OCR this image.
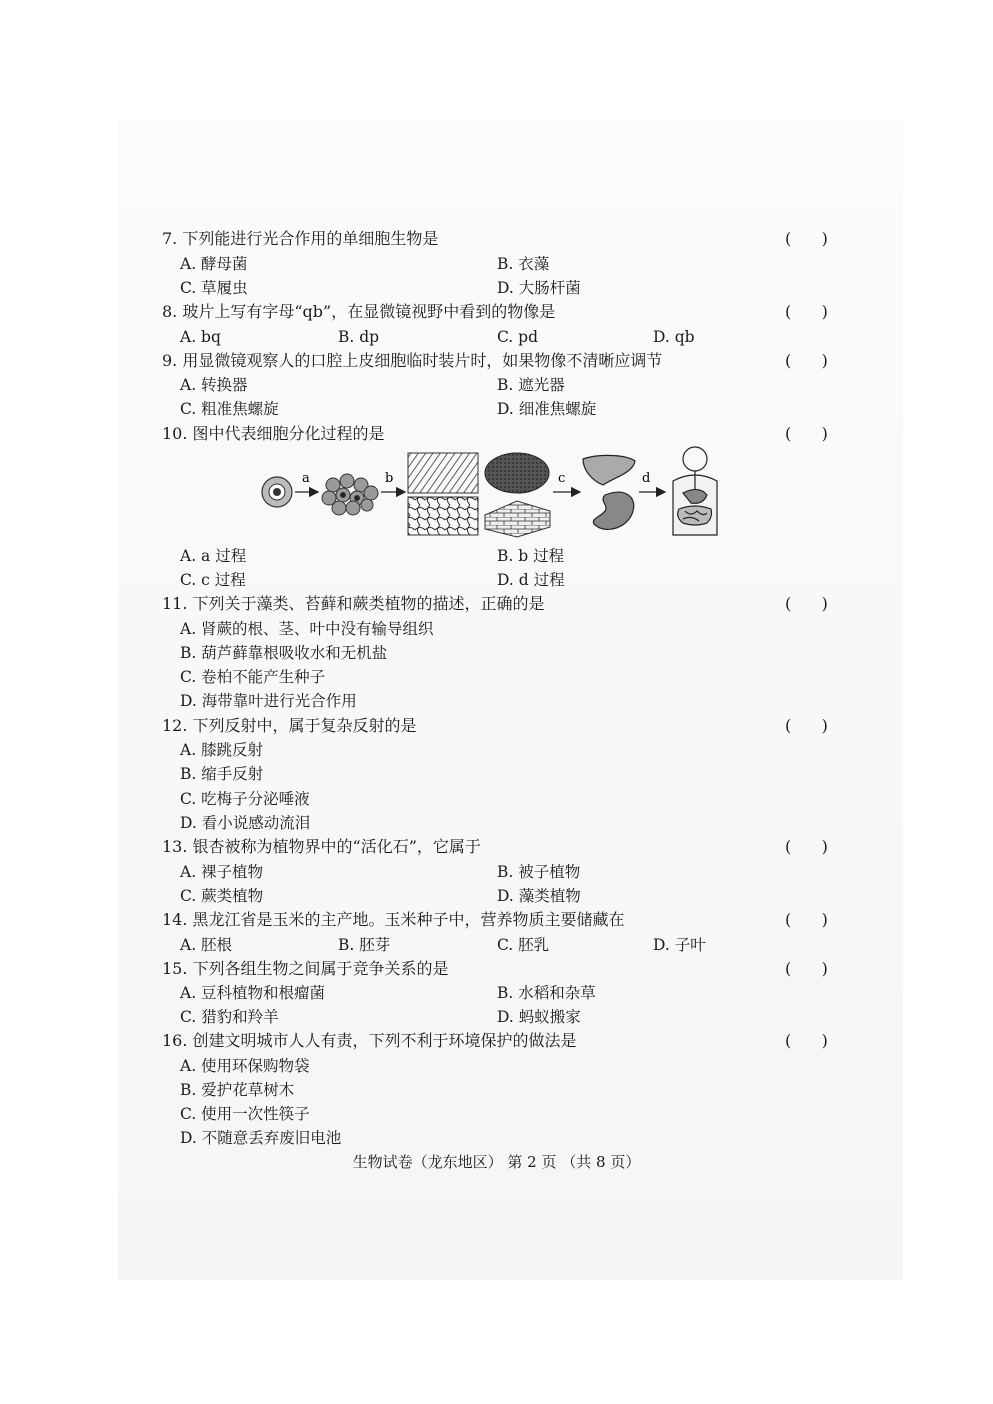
7. 下列能进行光合作用的单细胞生物是	(    )
A. 酵母菌	B. 衣藻
C. 草履虫	D. 大肠杆菌
8. 玻片上写有字母“qb”，在显微镜视野中看到的物像是	(    )
A. bq	B. dp	C. pd	D. qb
9. 用显微镜观察人的口腔上皮细胞临时装片时，如果物像不清晰应调节	(    )
A. 转换器	B. 遮光器
C. 粗准焦螺旋	D. 细准焦螺旋
10. 图中代表细胞分化过程的是	(    )
a	b	c	d
A. a 过程	B. b 过程
C. c 过程	D. d 过程
11. 下列关于藻类、苔藓和蕨类植物的描述，正确的是	(    )
A. 肾蕨的根、茎、叶中没有输导组织
B. 葫芦藓靠根吸收水和无机盐
C. 卷柏不能产生种子
D. 海带靠叶进行光合作用
12. 下列反射中，属于复杂反射的是	(    )
A. 膝跳反射
B. 缩手反射
C. 吃梅子分泌唾液
D. 看小说感动流泪
13. 银杏被称为植物界中的“活化石”，它属于	(    )
A. 裸子植物	B. 被子植物
C. 蕨类植物	D. 藻类植物
14. 黑龙江省是玉米的主产地。玉米种子中，营养物质主要储藏在	(    )
A. 胚根	B. 胚芽	C. 胚乳	D. 子叶
15. 下列各组生物之间属于竞争关系的是	(    )
A. 豆科植物和根瘤菌	B. 水稻和杂草
C. 猎豹和羚羊	D. 蚂蚁搬家
16. 创建文明城市人人有责，下列不利于环境保护的做法是	(    )
A. 使用环保购物袋
B. 爱护花草树木
C. 使用一次性筷子
D. 不随意丢弃废旧电池
生物试卷（龙东地区） 第 2 页 （共 8 页）
